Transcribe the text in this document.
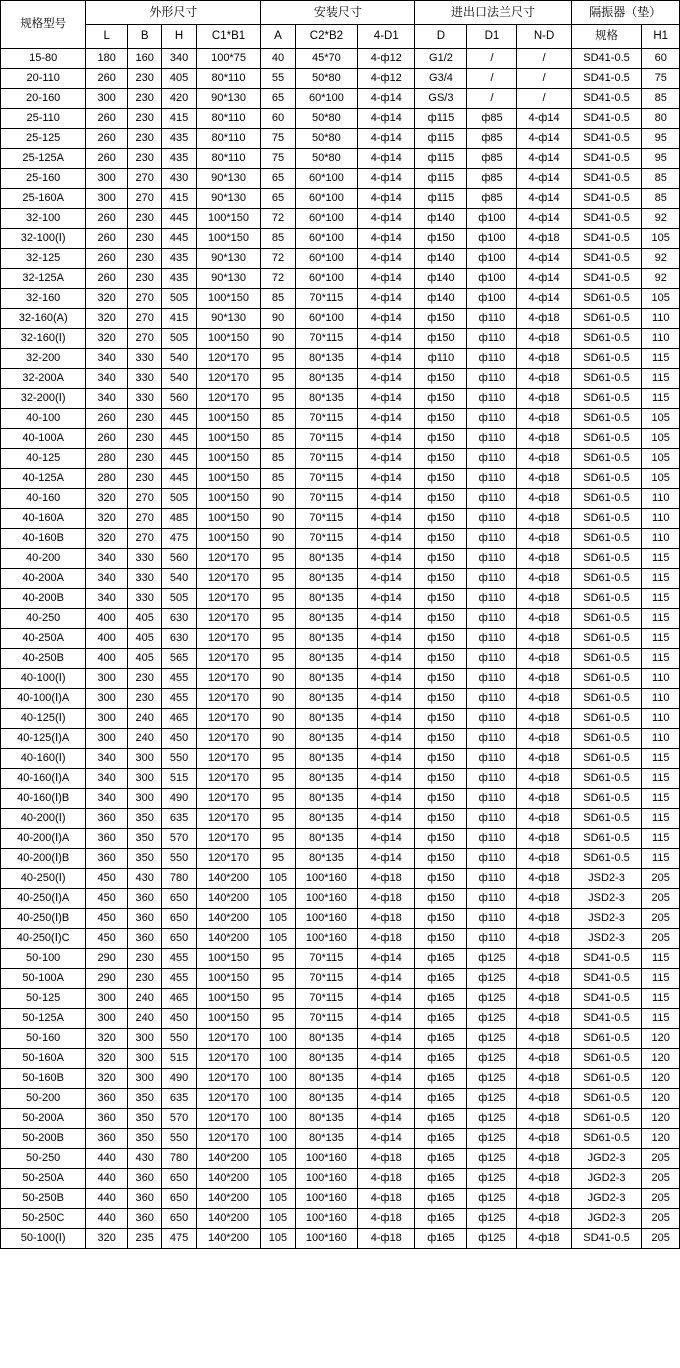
规格型号	外形尺寸				安装尺寸			进出口法兰尺寸			隔振器（垫）	
	L	B	H	C1*B1	A	C2*B2	4-D1	D	D1	N-D	规格	H1
15-80	180	160	340	100*75	40	45*70	4-ф12	G1/2	/	/	SD41-0.5	60
20-110	260	230	405	80*110	55	50*80	4-ф12	G3/4	/	/	SD41-0.5	75
20-160	300	230	420	90*130	65	60*100	4-ф14	GS/3	/	/	SD41-0.5	85
25-110	260	230	415	80*110	60	50*80	4-ф14	ф115	ф85	4-ф14	SD41-0.5	80
25-125	260	230	435	80*110	75	50*80	4-ф14	ф115	ф85	4-ф14	SD41-0.5	95
25-125A	260	230	435	80*110	75	50*80	4-ф14	ф115	ф85	4-ф14	SD41-0.5	95
25-160	300	270	430	90*130	65	60*100	4-ф14	ф115	ф85	4-ф14	SD41-0.5	85
25-160A	300	270	415	90*130	65	60*100	4-ф14	ф115	ф85	4-ф14	SD41-0.5	85
32-100	260	230	445	100*150	72	60*100	4-ф14	ф140	ф100	4-ф14	SD41-0.5	92
32-100(Ⅰ)	260	230	445	100*150	85	60*100	4-ф14	ф150	ф100	4-ф18	SD41-0.5	105
32-125	260	230	435	90*130	72	60*100	4-ф14	ф140	ф100	4-ф14	SD41-0.5	92
32-125A	260	230	435	90*130	72	60*100	4-ф14	ф140	ф100	4-ф14	SD41-0.5	92
32-160	320	270	505	100*150	85	70*115	4-ф14	ф140	ф100	4-ф14	SD61-0.5	105
32-160(A)	320	270	415	90*130	90	60*100	4-ф14	ф150	ф110	4-ф18	SD61-0.5	110
32-160(Ⅰ)	320	270	505	100*150	90	70*115	4-ф14	ф150	ф110	4-ф18	SD61-0.5	110
32-200	340	330	540	120*170	95	80*135	4-ф14	ф110	ф110	4-ф18	SD61-0.5	115
32-200A	340	330	540	120*170	95	80*135	4-ф14	ф150	ф110	4-ф18	SD61-0.5	115
32-200(Ⅰ)	340	330	560	120*170	95	80*135	4-ф14	ф150	ф110	4-ф18	SD61-0.5	115
40-100	260	230	445	100*150	85	70*115	4-ф14	ф150	ф110	4-ф18	SD61-0.5	105
40-100A	260	230	445	100*150	85	70*115	4-ф14	ф150	ф110	4-ф18	SD61-0.5	105
40-125	280	230	445	100*150	85	70*115	4-ф14	ф150	ф110	4-ф18	SD61-0.5	105
40-125A	280	230	445	100*150	85	70*115	4-ф14	ф150	ф110	4-ф18	SD61-0.5	105
40-160	320	270	505	100*150	90	70*115	4-ф14	ф150	ф110	4-ф18	SD61-0.5	110
40-160A	320	270	485	100*150	90	70*115	4-ф14	ф150	ф110	4-ф18	SD61-0.5	110
40-160B	320	270	475	100*150	90	70*115	4-ф14	ф150	ф110	4-ф18	SD61-0.5	110
40-200	340	330	560	120*170	95	80*135	4-ф14	ф150	ф110	4-ф18	SD61-0.5	115
40-200A	340	330	540	120*170	95	80*135	4-ф14	ф150	ф110	4-ф18	SD61-0.5	115
40-200B	340	330	505	120*170	95	80*135	4-ф14	ф150	ф110	4-ф18	SD61-0.5	115
40-250	400	405	630	120*170	95	80*135	4-ф14	ф150	ф110	4-ф18	SD61-0.5	115
40-250A	400	405	630	120*170	95	80*135	4-ф14	ф150	ф110	4-ф18	SD61-0.5	115
40-250B	400	405	565	120*170	95	80*135	4-ф14	ф150	ф110	4-ф18	SD61-0.5	115
40-100(Ⅰ)	300	230	455	120*170	90	80*135	4-ф14	ф150	ф110	4-ф18	SD61-0.5	110
40-100(Ⅰ)A	300	230	455	120*170	90	80*135	4-ф14	ф150	ф110	4-ф18	SD61-0.5	110
40-125(Ⅰ)	300	240	465	120*170	90	80*135	4-ф14	ф150	ф110	4-ф18	SD61-0.5	110
40-125(Ⅰ)A	300	240	450	120*170	90	80*135	4-ф14	ф150	ф110	4-ф18	SD61-0.5	110
40-160(Ⅰ)	340	300	550	120*170	95	80*135	4-ф14	ф150	ф110	4-ф18	SD61-0.5	115
40-160(Ⅰ)A	340	300	515	120*170	95	80*135	4-ф14	ф150	ф110	4-ф18	SD61-0.5	115
40-160(Ⅰ)B	340	300	490	120*170	95	80*135	4-ф14	ф150	ф110	4-ф18	SD61-0.5	115
40-200(Ⅰ)	360	350	635	120*170	95	80*135	4-ф14	ф150	ф110	4-ф18	SD61-0.5	115
40-200(Ⅰ)A	360	350	570	120*170	95	80*135	4-ф14	ф150	ф110	4-ф18	SD61-0.5	115
40-200(Ⅰ)B	360	350	550	120*170	95	80*135	4-ф14	ф150	ф110	4-ф18	SD61-0.5	115
40-250(Ⅰ)	450	430	780	140*200	105	100*160	4-ф18	ф150	ф110	4-ф18	JSD2-3	205
40-250(Ⅰ)A	450	360	650	140*200	105	100*160	4-ф18	ф150	ф110	4-ф18	JSD2-3	205
40-250(Ⅰ)B	450	360	650	140*200	105	100*160	4-ф18	ф150	ф110	4-ф18	JSD2-3	205
40-250(Ⅰ)C	450	360	650	140*200	105	100*160	4-ф18	ф150	ф110	4-ф18	JSD2-3	205
50-100	290	230	455	100*150	95	70*115	4-ф14	ф165	ф125	4-ф18	SD41-0.5	115
50-100A	290	230	455	100*150	95	70*115	4-ф14	ф165	ф125	4-ф18	SD41-0.5	115
50-125	300	240	465	100*150	95	70*115	4-ф14	ф165	ф125	4-ф18	SD41-0.5	115
50-125A	300	240	450	100*150	95	70*115	4-ф14	ф165	ф125	4-ф18	SD41-0.5	115
50-160	320	300	550	120*170	100	80*135	4-ф14	ф165	ф125	4-ф18	SD61-0.5	120
50-160A	320	300	515	120*170	100	80*135	4-ф14	ф165	ф125	4-ф18	SD61-0.5	120
50-160B	320	300	490	120*170	100	80*135	4-ф14	ф165	ф125	4-ф18	SD61-0.5	120
50-200	360	350	635	120*170	100	80*135	4-ф14	ф165	ф125	4-ф18	SD61-0.5	120
50-200A	360	350	570	120*170	100	80*135	4-ф14	ф165	ф125	4-ф18	SD61-0.5	120
50-200B	360	350	550	120*170	100	80*135	4-ф14	ф165	ф125	4-ф18	SD61-0.5	120
50-250	440	430	780	140*200	105	100*160	4-ф18	ф165	ф125	4-ф18	JGD2-3	205
50-250A	440	360	650	140*200	105	100*160	4-ф18	ф165	ф125	4-ф18	JGD2-3	205
50-250B	440	360	650	140*200	105	100*160	4-ф18	ф165	ф125	4-ф18	JGD2-3	205
50-250C	440	360	650	140*200	105	100*160	4-ф18	ф165	ф125	4-ф18	JGD2-3	205
50-100(Ⅰ)	320	235	475	140*200	105	100*160	4-ф18	ф165	ф125	4-ф18	SD41-0.5	205
